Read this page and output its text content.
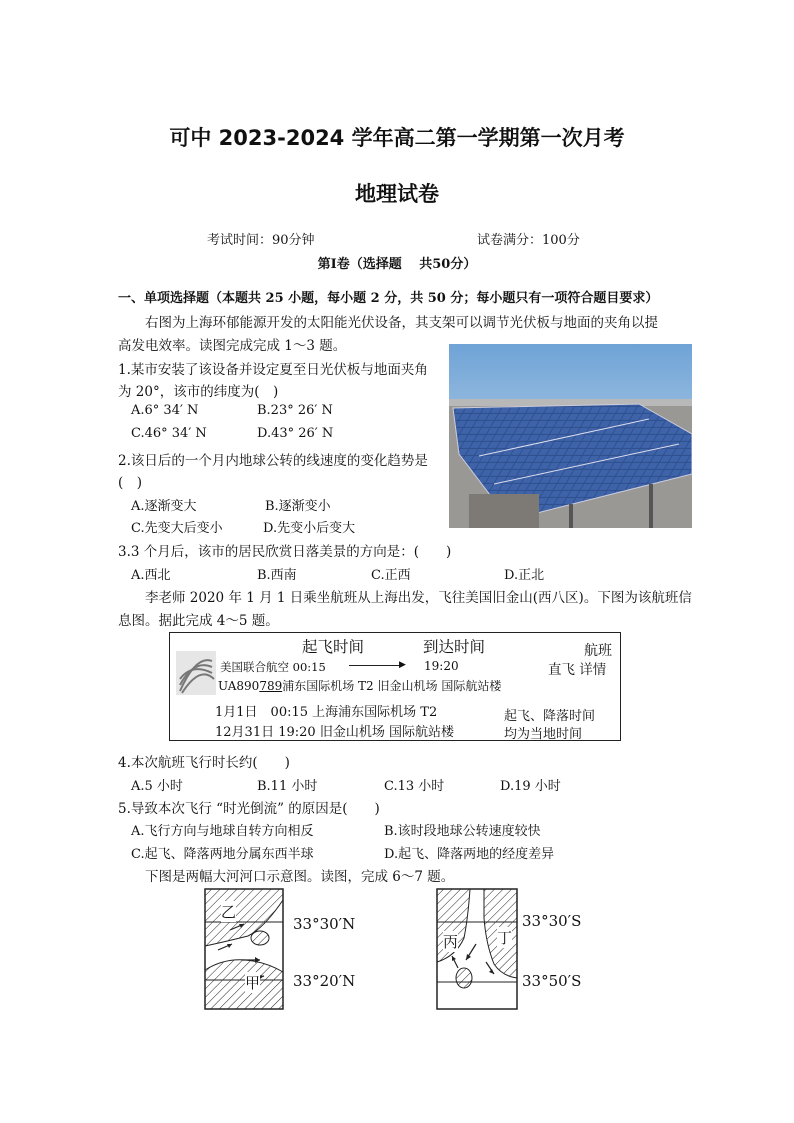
可中 2023-2024 学年高二第一学期第一次月考
地理试卷
考试时间：90分钟	试卷满分：100分
第Ⅰ卷（选择题　 共50分）
一、单项选择题（本题共 25 小题，每小题 2 分，共 50 分；每小题只有一项符合题目要求）
右图为上海环郁能源开发的太阳能光伏设备，其支架可以调节光伏板与地面的夹角以提
高发电效率。读图完成完成 1～3 题。
1.某市安装了该设备并设定夏至日光伏板与地面夹角
为 20°，该市的纬度为(　)
A.6° 34′ N	B.23° 26′ N
C.46° 34′ N	D.43° 26′ N
2.该日后的一个月内地球公转的线速度的变化趋势是
(　)
A.逐渐变大	B.逐渐变小
C.先变大后变小	D.先变小后变大
3.3 个月后，该市的居民欣赏日落美景的方向是：(　　)
A.西北	B.西南	C.正西	D.正北
李老师 2020 年 1 月 1 日乘坐航班从上海出发，飞往美国旧金山(西八区)。下图为该航班信
息图。据此完成 4～5 题。
起飞时间	到达时间	航班
美国联合航空 00:15	▶ 19:20	直飞 详情
UA890789浦东国际机场 T2 旧金山机场 国际航站楼
1月1日　00:15 上海浦东国际机场 T2
12月31日 19:20 旧金山机场 国际航站楼
起飞、降落时间
均为当地时间
4.本次航班飞行时长约(　　)
A.5 小时	B.11 小时	C.13 小时	D.19 小时
5.导致本次飞行 “时光倒流” 的原因是(　　)
A.飞行方向与地球自转方向相反	B.该时段地球公转速度较快
C.起飞、降落两地分属东西半球	D.起飞、降落两地的经度差异
下图是两幅大河河口示意图。读图，完成 6～7 题。
乙
甲
33°30′N
33°20′N
丙	丁
33°30′S
33°50′S
